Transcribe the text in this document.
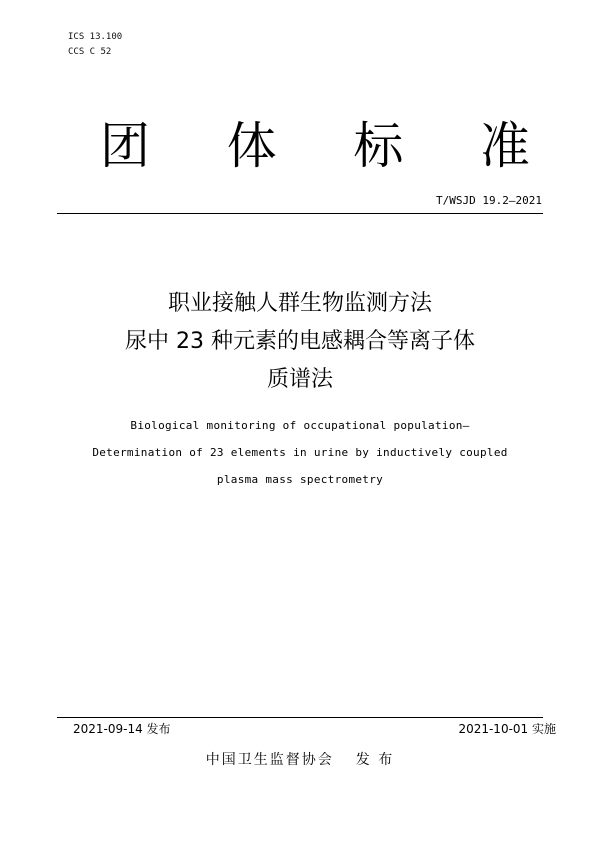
ICS 13.100
CCS C 52
团 体 标 准
T/WSJD 19.2—2021
职业接触人群生物监测方法
尿中 23 种元素的电感耦合等离子体
质谱法
Biological monitoring of occupational population—
Determination of 23 elements in urine by inductively coupled
plasma mass spectrometry
2021-09-14 发布	2021-10-01 实施
中国卫生监督协会 发 布
